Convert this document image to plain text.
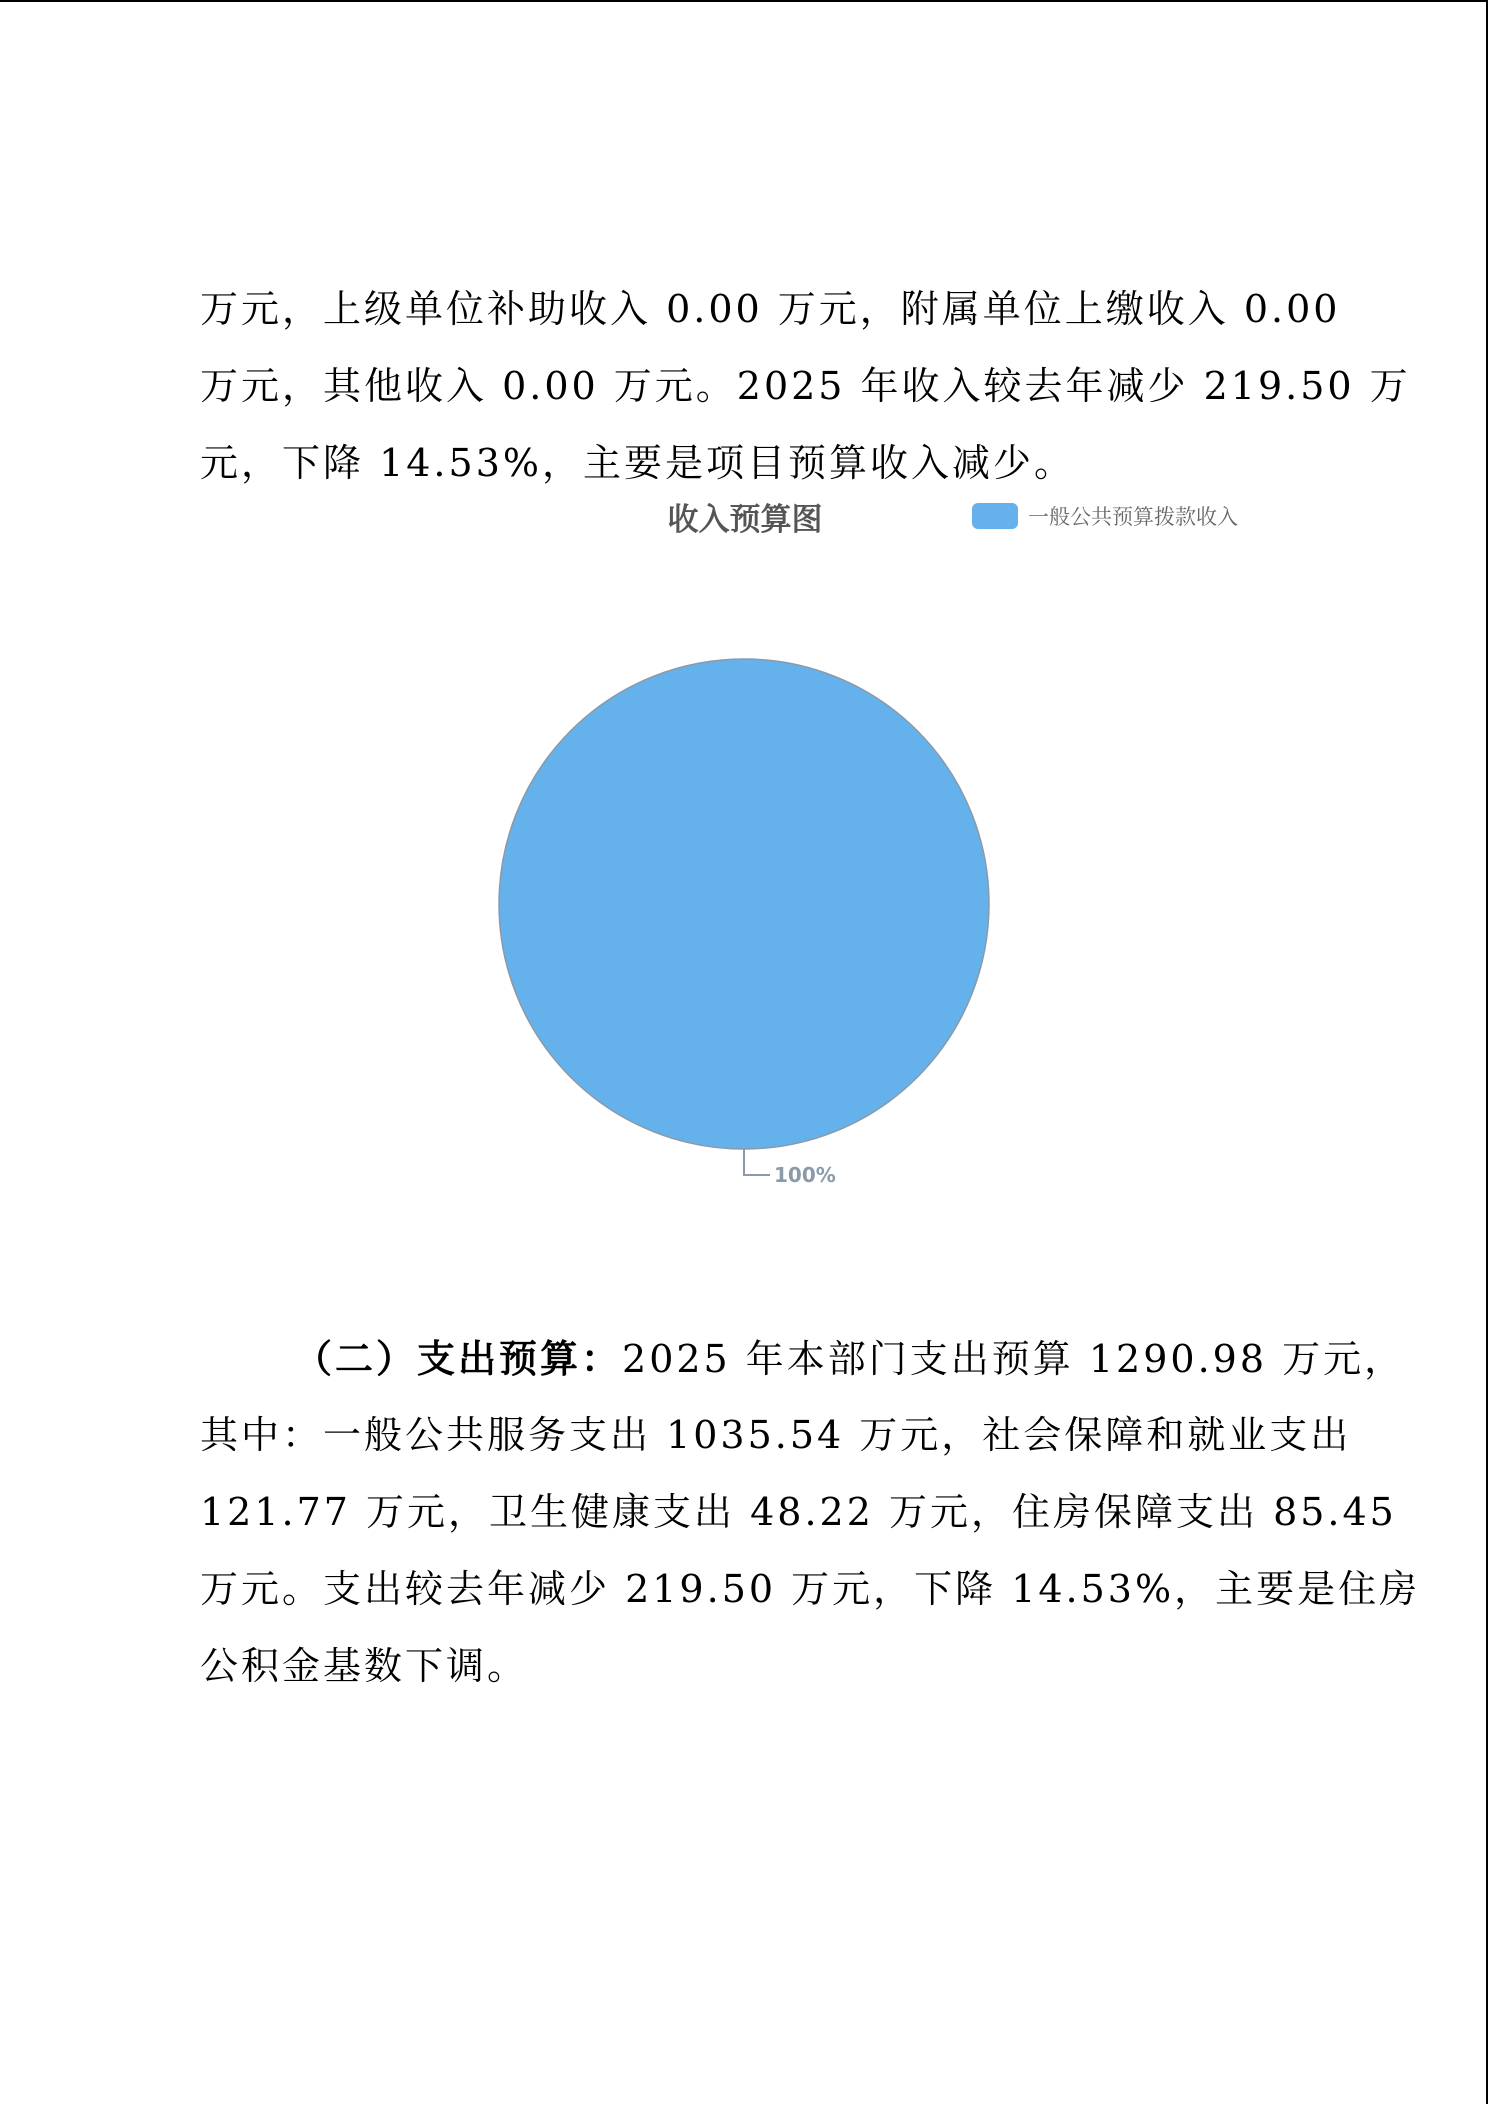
万元，上级单位补助收入 0.00 万元，附属单位上缴收入 0.00
万元，其他收入 0.00 万元。2025 年收入较去年减少 219.50 万
元，下降 14.53%，主要是项目预算收入减少。
收入预算图	一般公共预算拨款收入
100%
（二）支出预算：2025 年本部门支出预算 1290.98 万元，
其中：一般公共服务支出 1035.54 万元，社会保障和就业支出
121.77 万元，卫生健康支出 48.22 万元，住房保障支出 85.45
万元。支出较去年减少 219.50 万元，下降 14.53%，主要是住房
公积金基数下调。
